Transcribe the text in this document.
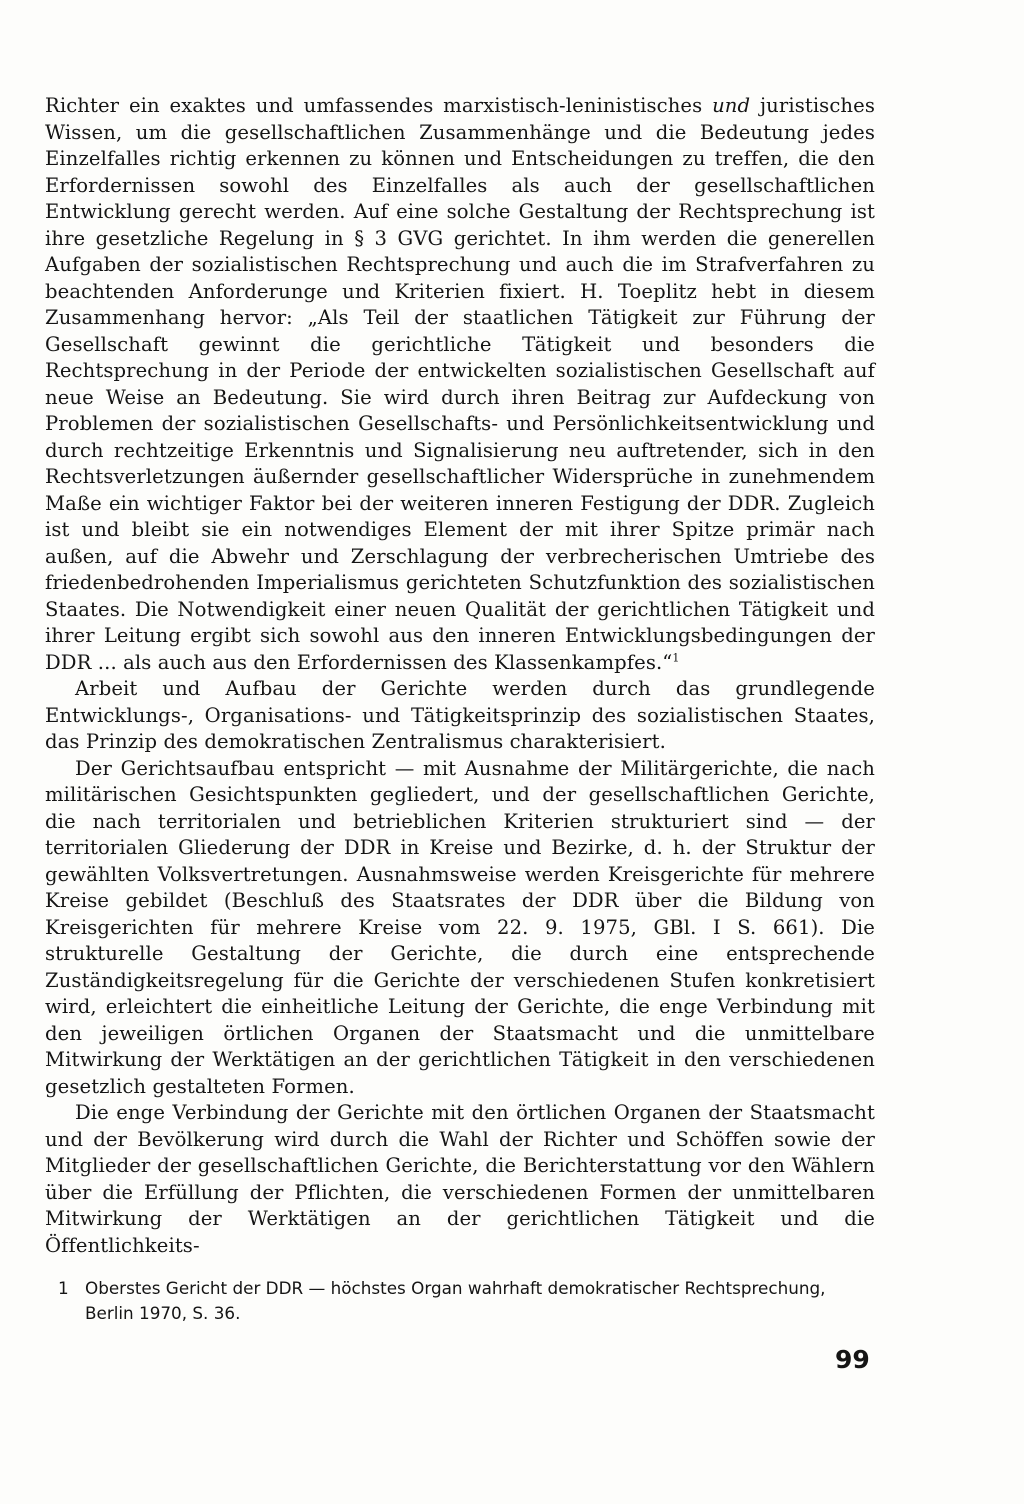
Richter ein exaktes und umfassendes marxistisch-leninistisches und juristisches Wissen, um die gesellschaftlichen Zusammenhänge und die Bedeutung jedes Einzelfalles richtig erkennen zu können und Entscheidungen zu treffen, die den Erfordernissen sowohl des Einzelfalles als auch der gesellschaftlichen Entwicklung gerecht werden. Auf eine solche Gestaltung der Rechtsprechung ist ihre gesetzliche Regelung in § 3 GVG gerichtet. In ihm werden die generellen Aufgaben der sozialistischen Rechtsprechung und auch die im Strafverfahren zu beachtenden Anforderunge und Kriterien fixiert. H. Toeplitz hebt in diesem Zusammenhang hervor: „Als Teil der staatlichen Tätigkeit zur Führung der Gesellschaft gewinnt die gerichtliche Tätigkeit und besonders die Rechtsprechung in der Periode der entwickelten sozialistischen Gesellschaft auf neue Weise an Bedeutung. Sie wird durch ihren Beitrag zur Aufdeckung von Problemen der sozialistischen Gesellschafts- und Persönlichkeitsentwicklung und durch rechtzeitige Erkenntnis und Signalisierung neu auftretender, sich in den Rechtsverletzungen äußernder gesellschaftlicher Widersprüche in zunehmendem Maße ein wichtiger Faktor bei der weiteren inneren Festigung der DDR. Zugleich ist und bleibt sie ein notwendiges Element der mit ihrer Spitze primär nach außen, auf die Abwehr und Zerschlagung der verbrecherischen Umtriebe des friedenbedrohenden Imperialismus gerichteten Schutzfunktion des sozialistischen Staates. Die Notwendigkeit einer neuen Qualität der gerichtlichen Tätigkeit und ihrer Leitung ergibt sich sowohl aus den inneren Entwicklungsbedingungen der DDR ... als auch aus den Erfordernissen des Klassenkampfes.“$^1$

Arbeit und Aufbau der Gerichte werden durch das grundlegende Entwicklungs-, Organisations- und Tätigkeitsprinzip des sozialistischen Staates, das Prinzip des demokratischen Zentralismus charakterisiert.

Der Gerichtsaufbau entspricht — mit Ausnahme der Militärgerichte, die nach militärischen Gesichtspunkten gegliedert, und der gesellschaftlichen Gerichte, die nach territorialen und betrieblichen Kriterien strukturiert sind — der territorialen Gliederung der DDR in Kreise und Bezirke, d. h. der Struktur der gewählten Volksvertretungen. Ausnahmsweise werden Kreisgerichte für mehrere Kreise gebildet (Beschluß des Staatsrates der DDR über die Bildung von Kreisgerichten für mehrere Kreise vom 22. 9. 1975, GBl. I S. 661). Die strukturelle Gestaltung der Gerichte, die durch eine entsprechende Zuständigkeitsregelung für die Gerichte der verschiedenen Stufen konkretisiert wird, erleichtert die einheitliche Leitung der Gerichte, die enge Verbindung mit den jeweiligen örtlichen Organen der Staatsmacht und die unmittelbare Mitwirkung der Werktätigen an der gerichtlichen Tätigkeit in den verschiedenen gesetzlich gestalteten Formen.

Die enge Verbindung der Gerichte mit den örtlichen Organen der Staatsmacht und der Bevölkerung wird durch die Wahl der Richter und Schöffen sowie der Mitglieder der gesellschaftlichen Gerichte, die Berichterstattung vor den Wählern über die Erfüllung der Pflichten, die verschiedenen Formen der unmittelbaren Mitwirkung der Werktätigen an der gerichtlichen Tätigkeit und die Öffentlichkeits-

1 Oberstes Gericht der DDR — höchstes Organ wahrhaft demokratischer Rechtsprechung,
Berlin 1970, S. 36.
99
